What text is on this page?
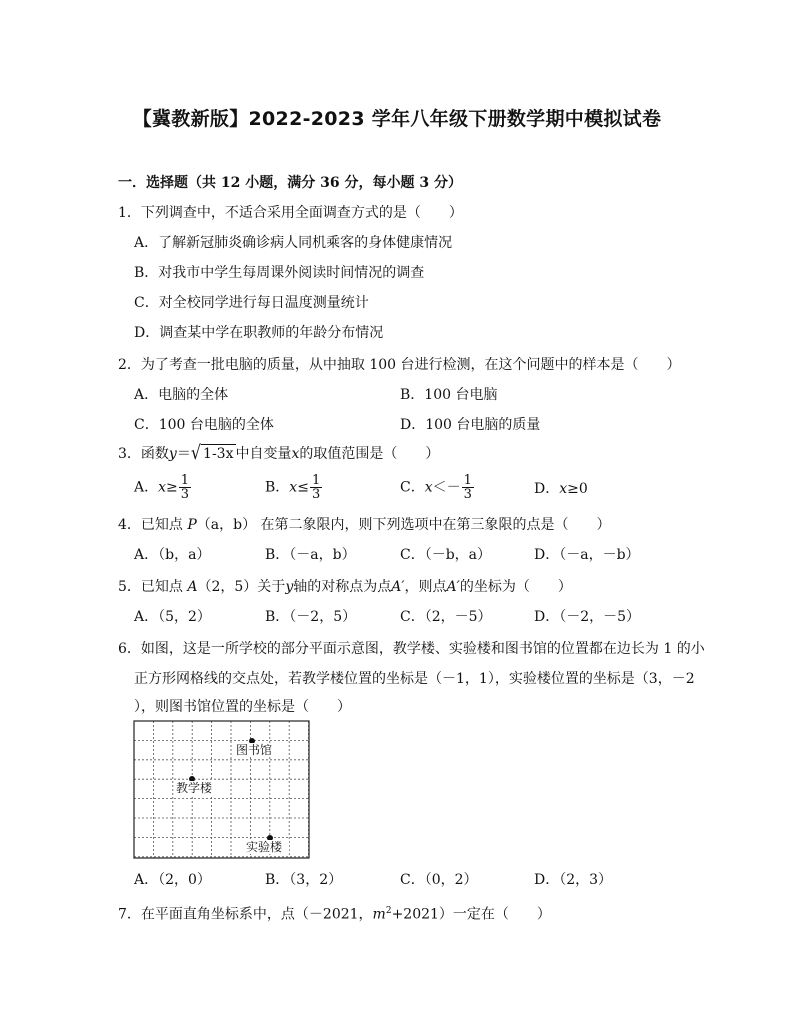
【冀教新版】2022-2023 学年八年级下册数学期中模拟试卷
一．选择题（共 12 小题，满分 36 分，每小题 3 分）
1．下列调查中，不适合采用全面调查方式的是（　　）
A．了解新冠肺炎确诊病人同机乘客的身体健康情况
B．对我市中学生每周课外阅读时间情况的调查
C．对全校同学进行每日温度测量统计
D．调查某中学在职教师的年龄分布情况
2．为了考查一批电脑的质量，从中抽取 100 台进行检测，在这个问题中的样本是（　　）
A．电脑的全体	B．100 台电脑
C．100 台电脑的全体	D．100 台电脑的质量
3．函数y＝√ 1-3x 中自变量x的取值范围是（　　）
A．$x\ge \frac{1}{3}$	B．$x\le \frac{1}{3}$	C．$x<- \frac{1}{3}$	D．x≥0
4．已知点 P（a，b） 在第二象限内，则下列选项中在第三象限的点是（　　）
A．（b，a）	B．（－a，b）	C．（－b，a）	D．（－a，－b）
5．已知点 A（2，5）关于y轴的对称点为点A′，则点A′的坐标为（　　）
A．（5，2）	B．（－2，5）	C．（2，－5）	D．（－2，－5）
6．如图，这是一所学校的部分平面示意图，教学楼、实验楼和图书馆的位置都在边长为 1 的小
正方形网格线的交点处，若教学楼位置的坐标是（－1，1），实验楼位置的坐标是（3，－2
），则图书馆位置的坐标是（　　）
图书馆
教学楼
实验楼
A．（2，0）	B．（3，2）	C．（0，2）	D．（2，3）
7．在平面直角坐标系中，点（－2021，$m^2+2021$）一定在（　　）
